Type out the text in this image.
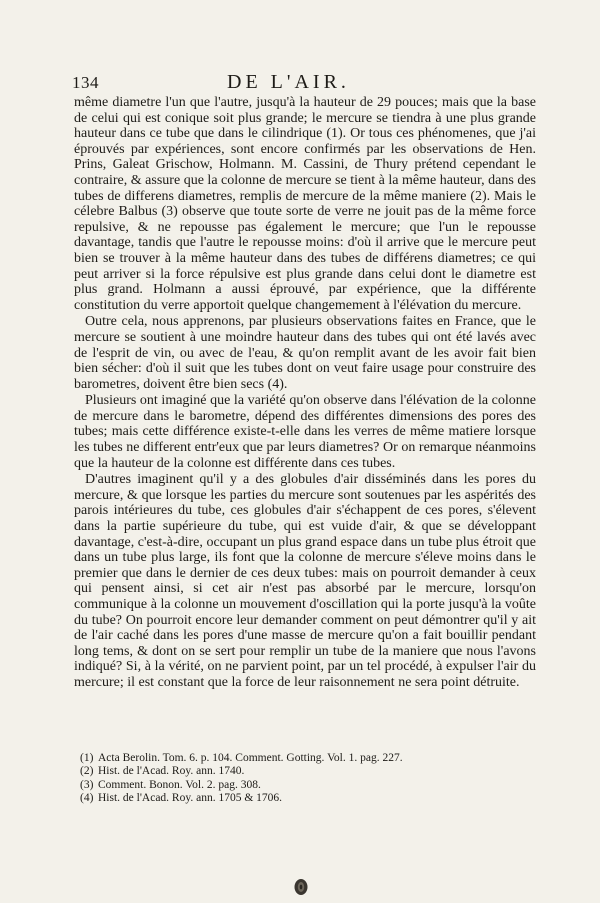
134	DE L'AIR.

même diametre l'un que l'autre, jusqu'à la hauteur de 29 pouces; mais que la base de celui qui est conique soit plus grande; le mercure se tiendra à une plus grande hauteur dans ce tube que dans le cilindrique (1). Or tous ces phénomenes, que j'ai éprouvés par expériences, sont encore confirmés par les observations de Hen. Prins, Galeat Grischow, Holmann. M. Cassini, de Thury prétend cependant le contraire, & assure que la colonne de mercure se tient à la même hauteur, dans des tubes de differens diametres, remplis de mercure de la même maniere (2). Mais le célebre Balbus (3) observe que toute sorte de verre ne jouit pas de la même force repulsive, & ne repousse pas également le mercure; que l'un le repousse davantage, tandis que l'autre le repousse moins: d'où il arrive que le mercure peut bien se trouver à la même hauteur dans des tubes de différens diametres; ce qui peut arriver si la force répulsive est plus grande dans celui dont le diametre est plus grand. Holmann a aussi éprouvé, par expérience, que la différente constitution du verre apportoit quelque changemement à l'élévation du mercure.

Outre cela, nous apprenons, par plusieurs observations faites en France, que le mercure se soutient à une moindre hauteur dans des tubes qui ont été lavés avec de l'esprit de vin, ou avec de l'eau, & qu'on remplit avant de les avoir fait bien bien sécher: d'où il suit que les tubes dont on veut faire usage pour construire des barometres, doivent être bien secs (4).

Plusieurs ont imaginé que la variété qu'on observe dans l'élévation de la colonne de mercure dans le barometre, dépend des différentes dimensions des pores des tubes; mais cette différence existe-t-elle dans les verres de même matiere lorsque les tubes ne different entr'eux que par leurs diametres? Or on remarque néanmoins que la hauteur de la colonne est différente dans ces tubes.

D'autres imaginent qu'il y a des globules d'air disséminés dans les pores du mercure, & que lorsque les parties du mercure sont soutenues par les aspérités des parois intérieures du tube, ces globules d'air s'échappent de ces pores, s'élevent dans la partie supérieure du tube, qui est vuide d'air, & que se développant davantage, c'est-à-dire, occupant un plus grand espace dans un tube plus étroit que dans un tube plus large, ils font que la colonne de mercure s'éleve moins dans le premier que dans le dernier de ces deux tubes: mais on pourroit demander à ceux qui pensent ainsi, si cet air n'est pas absorbé par le mercure, lorsqu'on communique à la colonne un mouvement d'oscillation qui la porte jusqu'à la voûte du tube? On pourroit encore leur demander comment on peut démontrer qu'il y ait de l'air caché dans les pores d'une masse de mercure qu'on a fait bouillir pendant long tems, & dont on se sert pour remplir un tube de la maniere que nous l'avons indiqué? Si, à la vérité, on ne parvient point, par un tel procédé, à expulser l'air du mercure; il est constant que la force de leur raisonnement ne sera point détruite.

(1) Acta Berolin. Tom. 6. p. 104. Comment. Gotting. Vol. 1. pag. 227.
(2) Hist. de l'Acad. Roy. ann. 1740.
(3) Comment. Bonon. Vol. 2. pag. 308.
(4) Hist. de l'Acad. Roy. ann. 1705 & 1706.
